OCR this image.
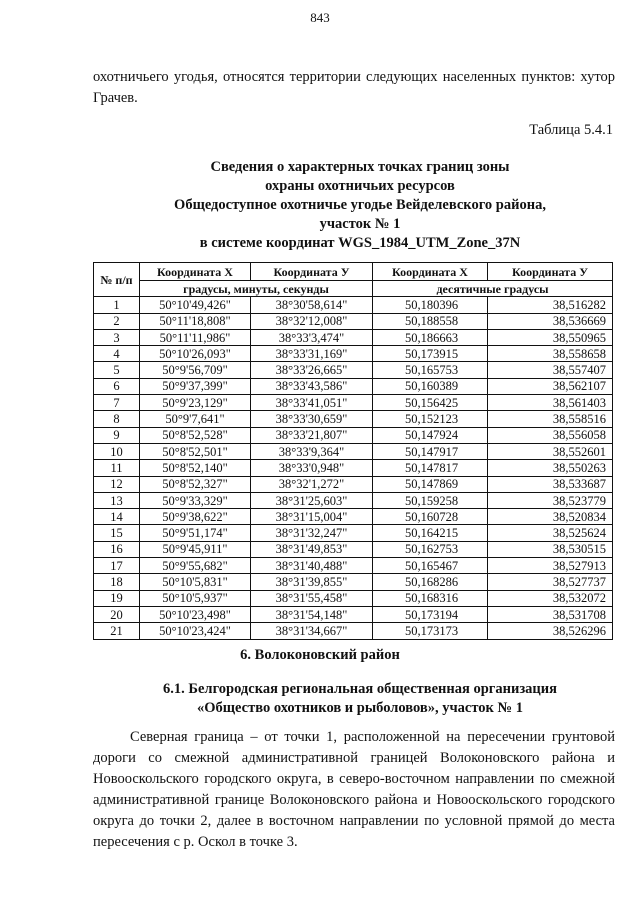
843
охотничьего угодья, относятся территории следующих населенных пунктов: хутор Грачев.
Таблица 5.4.1
Сведения о характерных точках границ зоны
охраны охотничьих ресурсов
Общедоступное охотничье угодье Вейделевского района,
участок № 1
в системе координат WGS_1984_UTM_Zone_37N
№ п/п	Координата X	Координата У	Координата X	Координата У
	градусы, минуты, секунды		десятичные градусы	
1	50°10'49,426"	38°30'58,614"	50,180396	38,516282
2	50°11'18,808"	38°32'12,008"	50,188558	38,536669
3	50°11'11,986"	38°33'3,474"	50,186663	38,550965
4	50°10'26,093"	38°33'31,169"	50,173915	38,558658
5	50°9'56,709"	38°33'26,665"	50,165753	38,557407
6	50°9'37,399"	38°33'43,586"	50,160389	38,562107
7	50°9'23,129"	38°33'41,051"	50,156425	38,561403
8	50°9'7,641"	38°33'30,659"	50,152123	38,558516
9	50°8'52,528"	38°33'21,807"	50,147924	38,556058
10	50°8'52,501"	38°33'9,364"	50,147917	38,552601
11	50°8'52,140"	38°33'0,948"	50,147817	38,550263
12	50°8'52,327"	38°32'1,272"	50,147869	38,533687
13	50°9'33,329"	38°31'25,603"	50,159258	38,523779
14	50°9'38,622"	38°31'15,004"	50,160728	38,520834
15	50°9'51,174"	38°31'32,247"	50,164215	38,525624
16	50°9'45,911"	38°31'49,853"	50,162753	38,530515
17	50°9'55,682"	38°31'40,488"	50,165467	38,527913
18	50°10'5,831"	38°31'39,855"	50,168286	38,527737
19	50°10'5,937"	38°31'55,458"	50,168316	38,532072
20	50°10'23,498"	38°31'54,148"	50,173194	38,531708
21	50°10'23,424"	38°31'34,667"	50,173173	38,526296
6. Волоконовский район
6.1. Белгородская региональная общественная организация
«Общество охотников и рыболовов», участок № 1
Северная граница – от точки 1, расположенной на пересечении грунтовой дороги со смежной административной границей Волоконовского района и Новооскольского городского округа, в северо-восточном направлении по смежной административной границе Волоконовского района и Новооскольского городского округа до точки 2, далее в восточном направлении по условной прямой до места пересечения с р. Оскол в точке 3.
